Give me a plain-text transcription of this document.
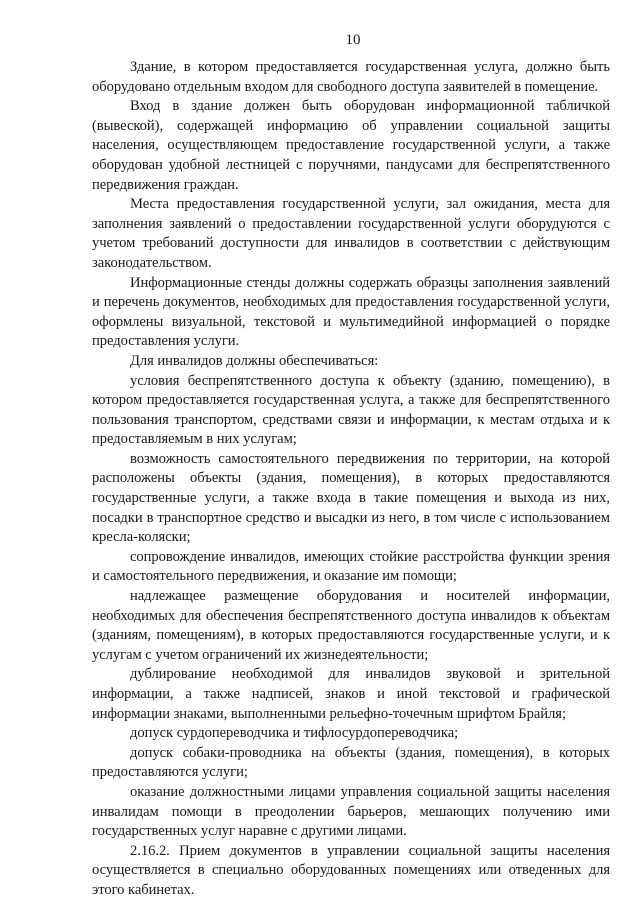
10

Здание, в котором предоставляется государственная услуга, должно быть оборудовано отдельным входом для свободного доступа заявителей в помещение.

Вход в здание должен быть оборудован информационной табличкой (вывеской), содержащей информацию об управлении социальной защиты населения, осуществляющем предоставление государственной услуги, а также оборудован удобной лестницей с поручнями, пандусами для беспрепятственного передвижения граждан.

Места предоставления государственной услуги, зал ожидания, места для заполнения заявлений о предоставлении государственной услуги оборудуются с учетом требований доступности для инвалидов в соответствии с действующим законодательством.

Информационные стенды должны содержать образцы заполнения заявлений и перечень документов, необходимых для предоставления государственной услуги, оформлены визуальной, текстовой и мультимедийной информацией о порядке предоставления услуги.

Для инвалидов должны обеспечиваться:

условия беспрепятственного доступа к объекту (зданию, помещению), в котором предоставляется государственная услуга, а также для беспрепятственного пользования транспортом, средствами связи и информации, к местам отдыха и к предоставляемым в них услугам;

возможность самостоятельного передвижения по территории, на которой расположены объекты (здания, помещения), в которых предоставляются государственные услуги, а также входа в такие помещения и выхода из них, посадки в транспортное средство и высадки из него, в том числе с использованием кресла-коляски;

сопровождение инвалидов, имеющих стойкие расстройства функции зрения и самостоятельного передвижения, и оказание им помощи;

надлежащее размещение оборудования и носителей информации, необходимых для обеспечения беспрепятственного доступа инвалидов к объектам (зданиям, помещениям), в которых предоставляются государственные услуги, и к услугам с учетом ограничений их жизнедеятельности;

дублирование необходимой для инвалидов звуковой и зрительной информации, а также надписей, знаков и иной текстовой и графической информации знаками, выполненными рельефно-точечным шрифтом Брайля;

допуск сурдопереводчика и тифлосурдопереводчика;

допуск собаки-проводника на объекты (здания, помещения), в которых предоставляются услуги;

оказание должностными лицами управления социальной защиты населения инвалидам помощи в преодолении барьеров, мешающих получению ими государственных услуг наравне с другими лицами.

2.16.2. Прием документов в управлении социальной защиты населения осуществляется в специально оборудованных помещениях или отведенных для этого кабинетах.
